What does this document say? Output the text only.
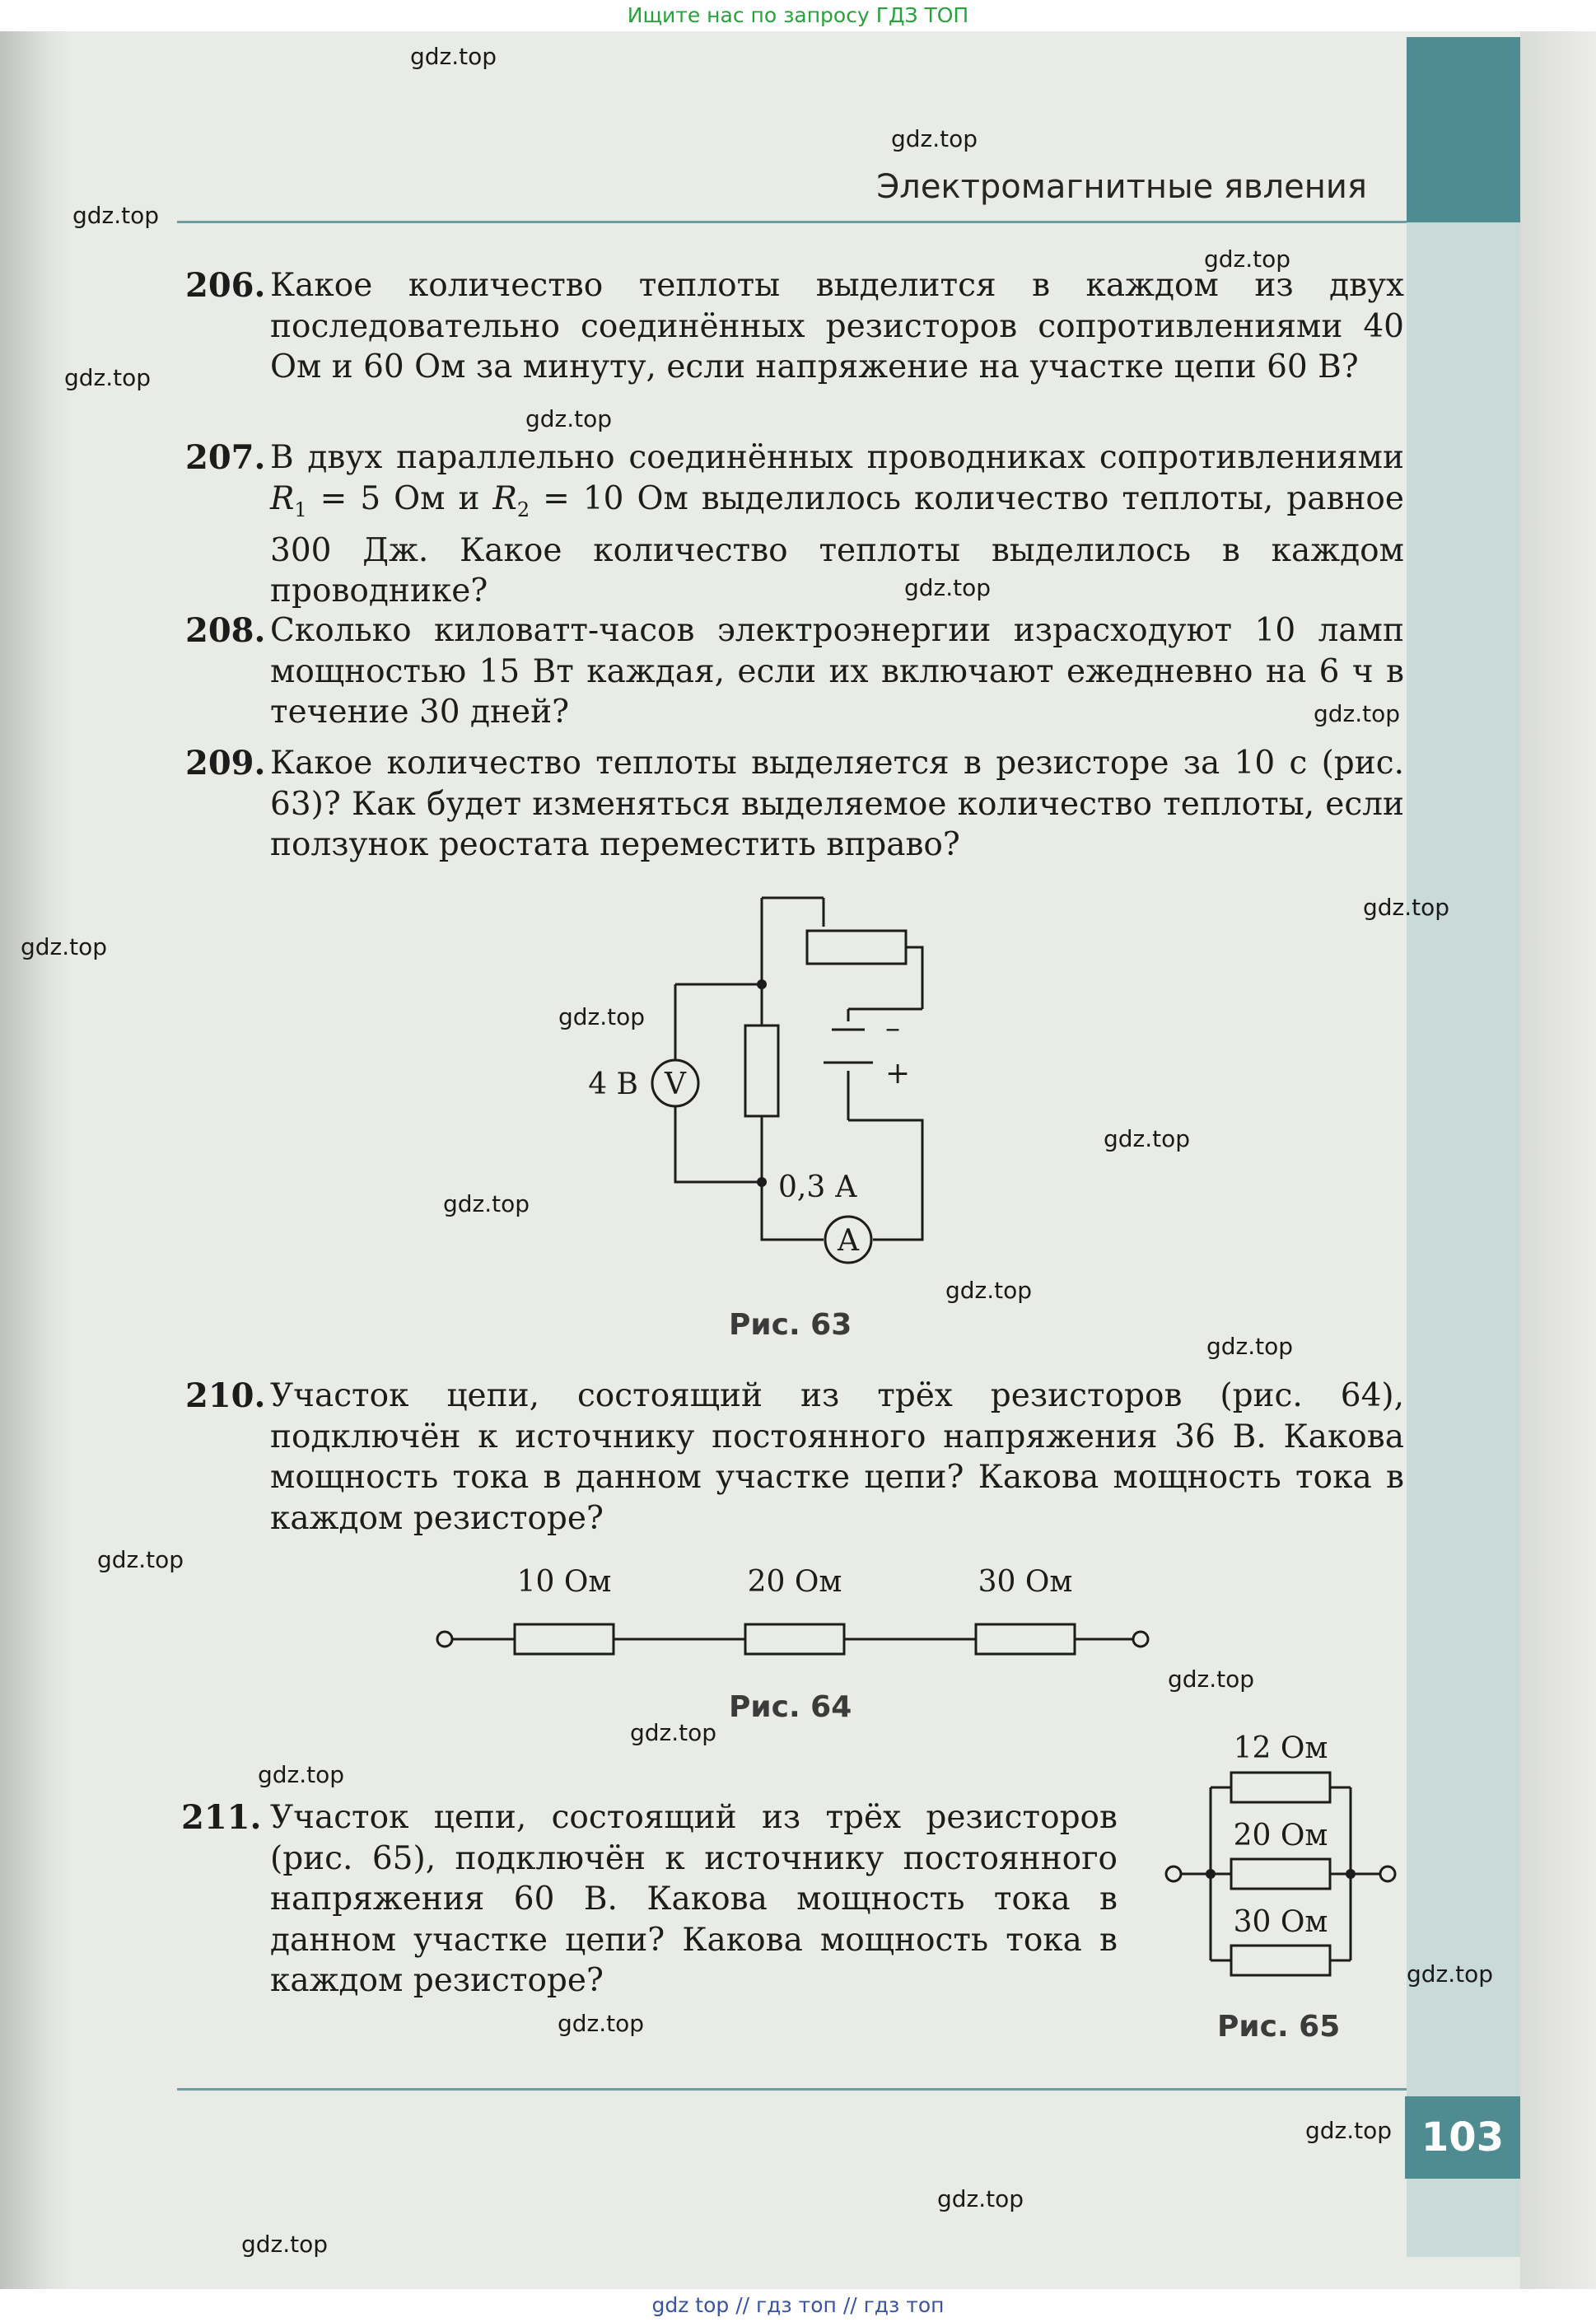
Ищите нас по запросу ГДЗ ТОП
Электромагнитные явления
206. Какое количество теплоты выделится в каждом из двух последовательно соединённых резисторов сопротивлениями 40 Ом и 60 Ом за минуту, если напряжение на участке цепи 60 В?
207. В двух параллельно соединённых проводниках сопротивлениями $R_1 = 5$ Ом и $R_2 = 10$ Ом выделилось количество теплоты, равное 300 Дж. Какое количество теплоты выделилось в каждом проводнике?
208. Сколько киловатт-часов электроэнергии израсходуют 10 ламп мощностью 15 Вт каждая, если их включают ежедневно на 6 ч в течение 30 дней?
209. Какое количество теплоты выделяется в резисторе за 10 с (рис. 63)? Как будет изменяться выделяемое количество теплоты, если ползунок реостата переместить вправо?
V
4 В
A
0,3 А
–
+
Рис. 63
210. Участок цепи, состоящий из трёх резисторов (рис. 64), подключён к источнику постоянного напряжения 36 В. Какова мощность тока в данном участке цепи? Какова мощность тока в каждом резисторе?
10 Ом	20 Ом	30 Ом
Рис. 64
211. Участок цепи, состоящий из трёх резисторов (рис. 65), подключён к источнику постоянного напряжения 60 В. Какова мощность тока в данном участке цепи? Какова мощность тока в каждом резисторе?
12 Ом
20 Ом
30 Ом
Рис. 65
103
gdz.top
gdz.top
gdz.top
gdz.top
gdz.top
gdz.top
gdz.top
gdz.top
gdz.top
gdz.top
gdz.top
gdz.top
gdz.top
gdz.top
gdz.top
gdz.top
gdz.top
gdz.top
gdz.top
gdz.top
gdz.top
gdz.top
gdz.top
gdz.top
gdz top // гдз топ // гдз топ
